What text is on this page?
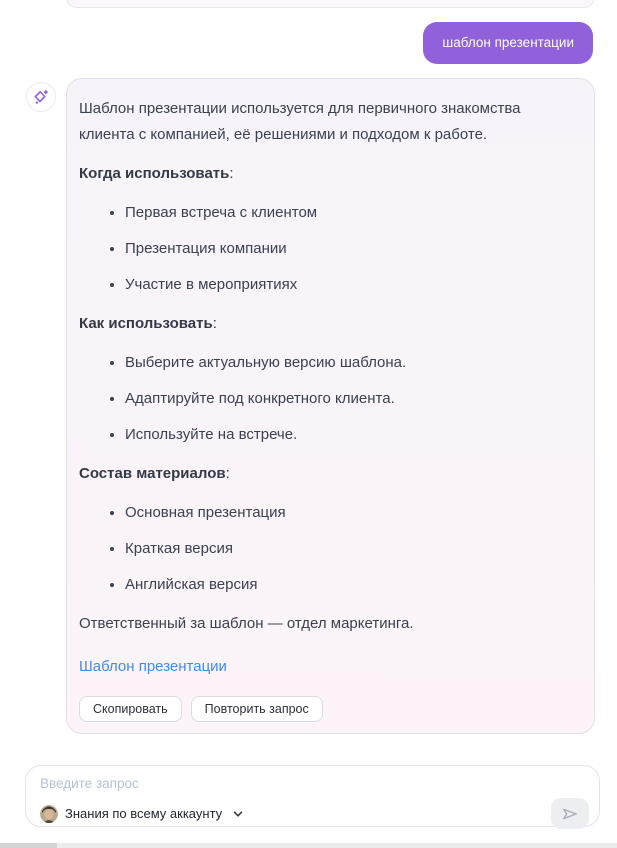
шаблон презентации

Шаблон презентации используется для первичного знакомства клиента с компанией, её решениями и подходом к работе.

Когда использовать:
• Первая встреча с клиентом
• Презентация компании
• Участие в мероприятиях
Как использовать:
• Выберите актуальную версию шаблона.
• Адаптируйте под конкретного клиента.
• Используйте на встрече.
Состав материалов:
• Основная презентация
• Краткая версия
• Английская версия

Ответственный за шаблон — отдел маркетинга.

Шаблон презентации
Скопировать	Повторить запрос
Введите запрос
Знания по всему аккаунту
